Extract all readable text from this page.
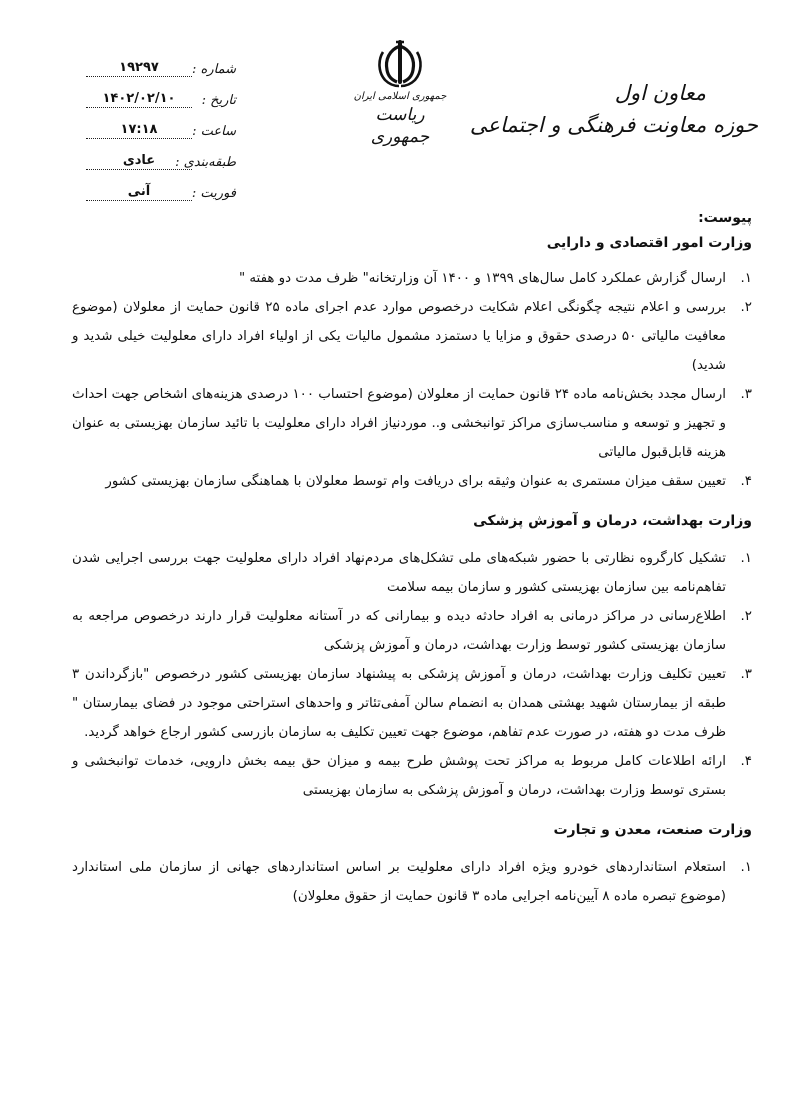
شماره :
۱۹۲۹۷
تاریخ :
۱۴۰۲/۰۲/۱۰
ساعت :
۱۷:۱۸
طبقه‌بندی :
عادی
فوریت :
آنی
جمهوری اسلامی ایران
ریاست جمهوری
معاون اول
حوزه معاونت فرهنگی و اجتماعی

پیوست:

وزارت امور اقتصادی و دارایی

۱.
ارسال گزارش عملکرد کامل سال‌های ۱۳۹۹ و ۱۴۰۰ آن وزارتخانه" ظرف مدت دو هفته "
۲.
بررسی و اعلام نتیجه چگونگی اعلام شکایت درخصوص موارد عدم اجرای ماده ۲۵ قانون حمایت از معلولان (موضوع معافیت مالیاتی ۵۰ درصدی حقوق و مزایا یا دستمزد مشمول مالیات یکی از اولیاء افراد دارای معلولیت خیلی شدید و شدید)
۳.
ارسال مجدد بخش‌نامه ماده ۲۴ قانون حمایت از معلولان (موضوع احتساب ۱۰۰ درصدی هزینه‌های اشخاص جهت احداث و تجهیز و توسعه و مناسب‌سازی مراکز توانبخشی و.. موردنیاز افراد دارای معلولیت با تائید سازمان بهزیستی به عنوان هزینه قابل‌قبول مالیاتی
۴.
تعیین سقف میزان مستمری به عنوان وثیقه برای دریافت وام توسط معلولان با هماهنگی سازمان بهزیستی کشور

وزارت بهداشت، درمان و آموزش پزشکی

۱.
تشکیل کارگروه نظارتی با حضور شبکه‌های ملی تشکل‌های مردم‌نهاد افراد دارای معلولیت جهت بررسی اجرایی شدن تفاهم‌نامه بین سازمان بهزیستی کشور و سازمان بیمه سلامت
۲.
اطلاع‌رسانی در مراکز درمانی به افراد حادثه دیده و بیمارانی که در آستانه معلولیت قرار دارند درخصوص مراجعه به سازمان بهزیستی کشور توسط وزارت بهداشت، درمان و آموزش پزشکی
۳.
تعیین تکلیف وزارت بهداشت، درمان و آموزش پزشکی به پیشنهاد سازمان بهزیستی کشور درخصوص "بازگرداندن ۳ طبقه از بیمارستان شهید بهشتی همدان به انضمام سالن آمفی‌تئاتر و واحدهای استراحتی موجود در فضای بیمارستان " ظرف مدت دو هفته، در صورت عدم تفاهم، موضوع جهت تعیین تکلیف به سازمان بازرسی کشور ارجاع خواهد گردید.
۴.
ارائه اطلاعات کامل مربوط به مراکز تحت پوشش طرح بیمه و میزان حق بیمه بخش دارویی، خدمات توانبخشی و بستری توسط وزارت بهداشت، درمان و آموزش پزشکی به سازمان بهزیستی

وزارت صنعت، معدن و تجارت

۱.
استعلام استانداردهای خودرو ویژه افراد دارای معلولیت بر اساس استانداردهای جهانی از سازمان ملی استاندارد (موضوع تبصره ماده ۸ آیین‌نامه اجرایی ماده ۳ قانون حمایت از حقوق معلولان)
